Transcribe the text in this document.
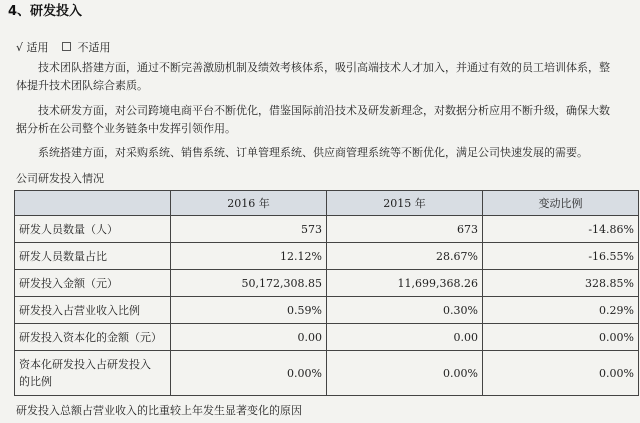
4、研发投入
√ 适用	不适用
技术团队搭建方面，通过不断完善激励机制及绩效考核体系，吸引高端技术人才加入，并通过有效的员工培训体系，整
体提升技术团队综合素质。
技术研发方面，对公司跨境电商平台不断优化，借鉴国际前沿技术及研发新理念，对数据分析应用不断升级，确保大数
据分析在公司整个业务链条中发挥引领作用。
系统搭建方面，对采购系统、销售系统、订单管理系统、供应商管理系统等不断优化，满足公司快速发展的需要。
公司研发投入情况
	2016 年	2015 年	变动比例
研发人员数量（人）	573	673	-14.86%
研发人员数量占比	12.12%	28.67%	-16.55%
研发投入金额（元）	50,172,308.85	11,699,368.26	328.85%
研发投入占营业收入比例	0.59%	0.30%	0.29%
研发投入资本化的金额（元）	0.00	0.00	0.00%

资本化研发投入占研发投入
的比例	0.00%	0.00%	0.00%
研发投入总额占营业收入的比重较上年发生显著变化的原因
